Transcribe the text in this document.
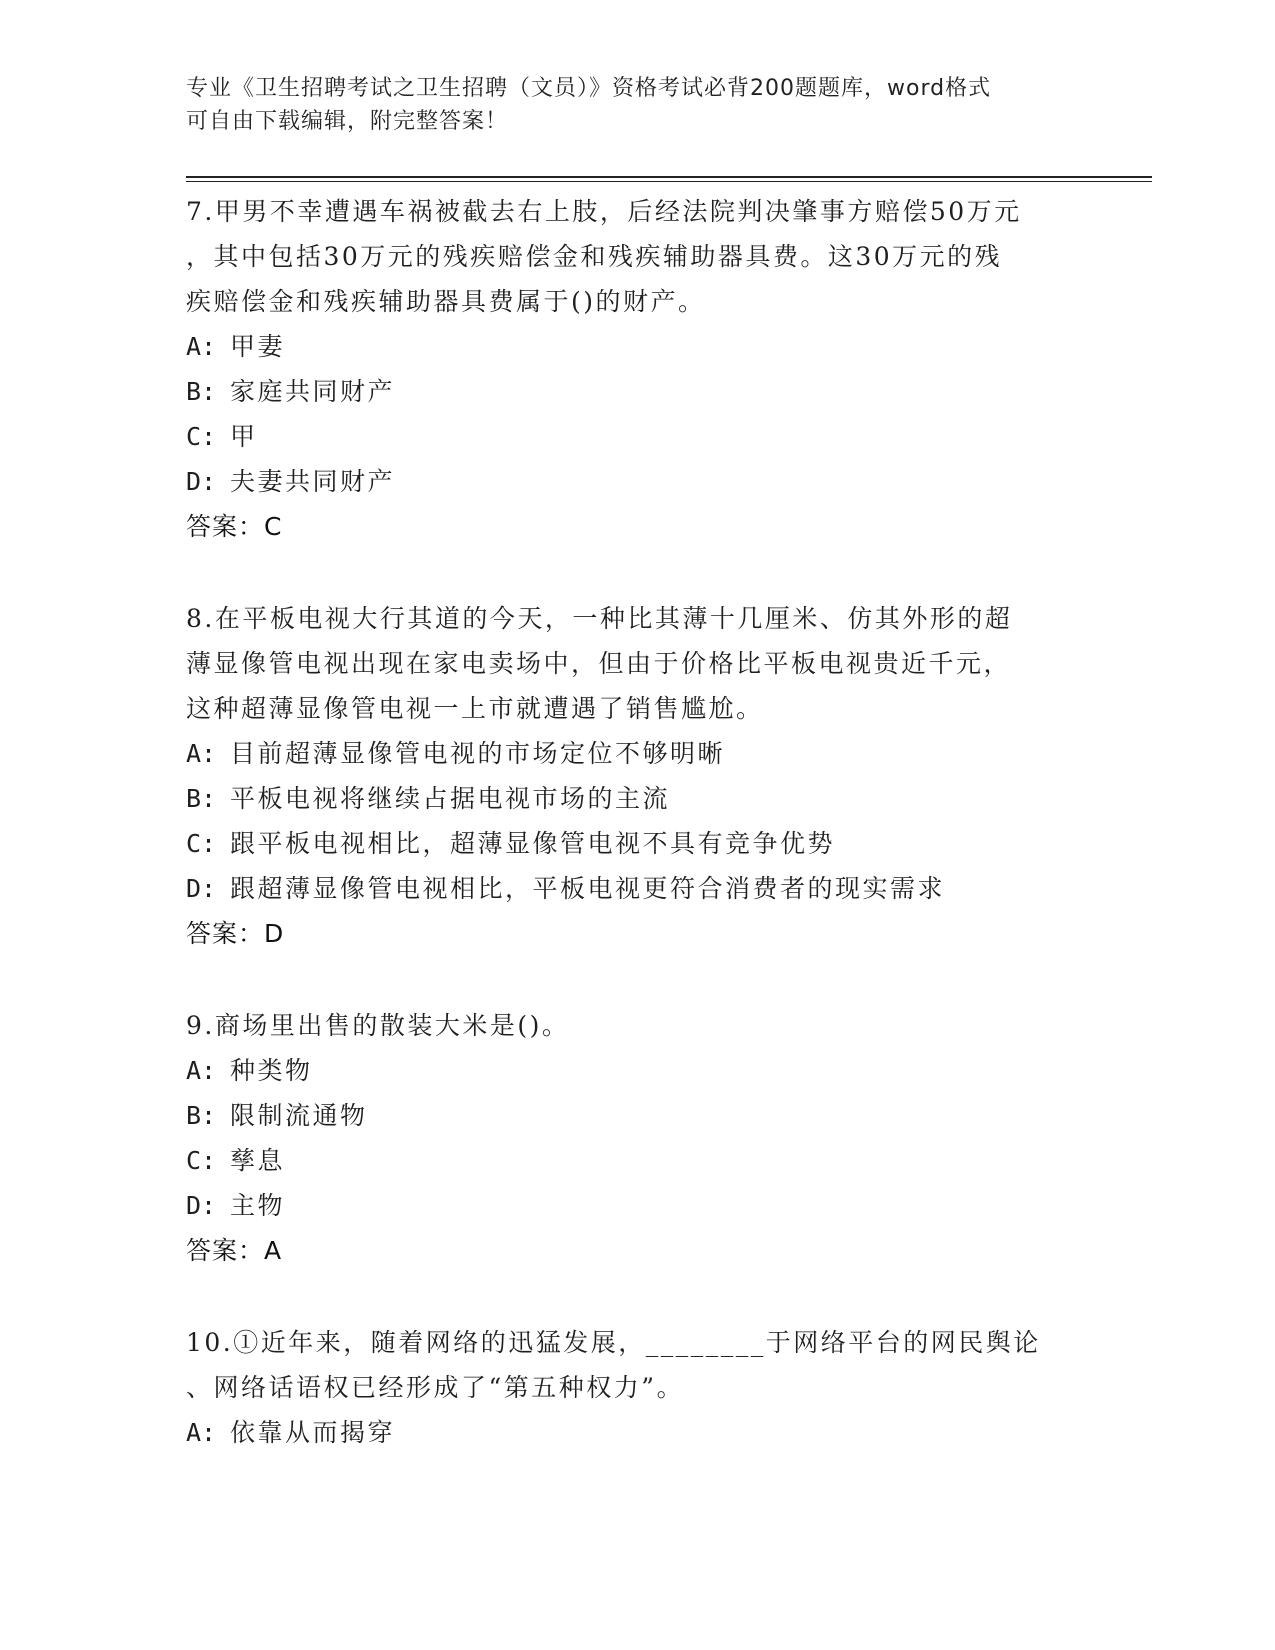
专业《卫生招聘考试之卫生招聘（文员）》资格考试必背200题题库，word格式
可自由下载编辑，附完整答案！
7.甲男不幸遭遇车祸被截去右上肢，后经法院判决肇事方赔偿50万元
，其中包括30万元的残疾赔偿金和残疾辅助器具费。这30万元的残
疾赔偿金和残疾辅助器具费属于()的财产。
A: 甲妻
B: 家庭共同财产
C: 甲
D: 夫妻共同财产
答案：C
8.在平板电视大行其道的今天，一种比其薄十几厘米、仿其外形的超
薄显像管电视出现在家电卖场中，但由于价格比平板电视贵近千元，
这种超薄显像管电视一上市就遭遇了销售尴尬。
A: 目前超薄显像管电视的市场定位不够明晰
B: 平板电视将继续占据电视市场的主流
C: 跟平板电视相比，超薄显像管电视不具有竞争优势
D: 跟超薄显像管电视相比，平板电视更符合消费者的现实需求
答案：D
9.商场里出售的散装大米是()。
A: 种类物
B: 限制流通物
C: 孳息
D: 主物
答案：A
10.①近年来，随着网络的迅猛发展，________于网络平台的网民舆论
、网络话语权已经形成了“第五种权力”。
A: 依靠从而揭穿
